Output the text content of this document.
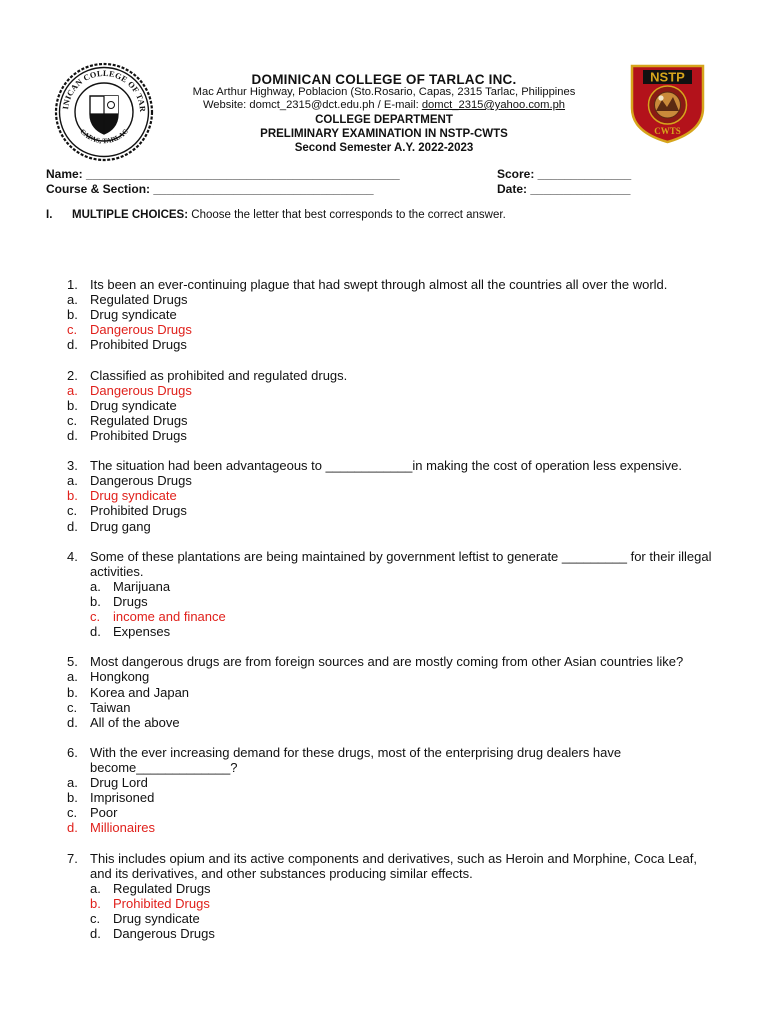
INICAN COLLEGE OF TAR
CAPAS, TARLAC
NSTP
CWTS
DOMINICAN COLLEGE OF TARLAC INC.
Mac Arthur Highway, Poblacion (Sto.Rosario, Capas, 2315 Tarlac, Philippines
Website: domct_2315@dct.edu.ph / E-mail: domct_2315@yahoo.com.ph
COLLEGE DEPARTMENT
PRELIMINARY EXAMINATION IN NSTP-CWTS
Second Semester A.Y. 2022-2023
Name: _______________________________________________	Score: ______________
Course & Section: _________________________________	Date: _______________
I. MULTIPLE CHOICES: Choose the letter that best corresponds to the correct answer.
1. Its been an ever-continuing plague that had swept through almost all the countries all over the world.
a. Regulated Drugs
b. Drug syndicate
c. Dangerous Drugs
d. Prohibited Drugs
2. Classified as prohibited and regulated drugs.
a. Dangerous Drugs
b. Drug syndicate
c. Regulated Drugs
d. Prohibited Drugs
3. The situation had been advantageous to ____________in making the cost of operation less expensive.
a. Dangerous Drugs
b. Drug syndicate
c. Prohibited Drugs
d. Drug gang
4. Some of these plantations are being maintained by government leftist to generate _________ for their illegal activities.
a. Marijuana
b. Drugs
c. income and finance
d. Expenses
5. Most dangerous drugs are from foreign sources and are mostly coming from other Asian countries like?
a. Hongkong
b. Korea and Japan
c. Taiwan
d. All of the above
6. With the ever increasing demand for these drugs, most of the enterprising drug dealers have become_____________?
a. Drug Lord
b. Imprisoned
c. Poor
d. Millionaires
7. This includes opium and its active components and derivatives, such as Heroin and Morphine, Coca Leaf, and its derivatives, and other substances producing similar effects.
a. Regulated Drugs
b. Prohibited Drugs
c. Drug syndicate
d. Dangerous Drugs
